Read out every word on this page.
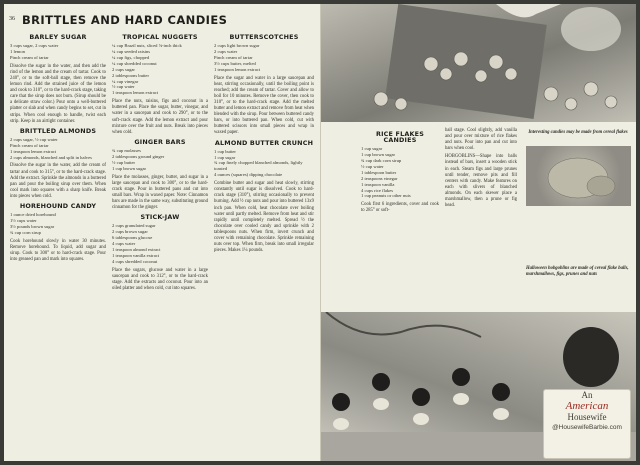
36 BRITTLES AND HARD CANDIES
BARLEY SUGAR
3 cups sugar, 2 cups water
1 lemon
Pinch cream of tartar

Dissolve the sugar in the water, and then add the rind of the lemon and the cream of tartar. Cook to 240°, or to the soft-ball stage, then remove the lemon rind. Add the strained juice of the lemon and cook to 310°, or to the hard-crack stage, taking care that the sirup does not burn. (Sirup should be a delicate straw color.) Pour onto a well-buttered platter or slab and when candy begins to set, cut in strips. When cool enough to handle, twist each strip. Keep in an airtight container.

BRITTLED ALMONDS
2 cups sugar, ½ cup water
Pinch cream of tartar
1 teaspoon lemon extract
2 cups almonds, blanched and split in halves

Dissolve the sugar in the water, add the cream of tartar and cook to 315°, or to the hard-crack stage. Add the extract. Sprinkle the almonds in a buttered pan and pour the boiling sirup over them. When cool mark into squares with a sharp knife. Break into pieces when cold.

HOREHOUND CANDY
1 ounce dried horehound
1½ cups water
3½ pounds brown sugar
¾ cup corn sirup

Cook horehound slowly in water 30 minutes. Remove horehound. To liquid, add sugar and sirup. Cook to 300° or to hard-crack stage. Pour into greased pan and mark into squares.

TROPICAL NUGGETS
¼ cup Brazil nuts, sliced ⅛-inch thick
¼ cup seeded raisins
¼ cup figs, chopped
¼ cup shredded coconut
2 cups sugar
2 tablespoons butter
¼ cup vinegar
½ cup water
1 teaspoon lemon extract

Place the nuts, raisins, figs and coconut in a buttered pan. Place the sugar, butter, vinegar, and water in a saucepan and cook to 290°, or to the soft-crack stage. Add the lemon extract and pour mixture over the fruit and nuts. Break into pieces when cold.

GINGER BARS
¾ cup molasses
2 tablespoons ground ginger
½ cup butter
1 cup brown sugar

Place the molasses, ginger, butter, and sugar in a large saucepan and cook to 300°, or to the hard-crack stage. Pour in buttered pans and cut into small bars. Wrap in waxed paper. Note: Cinnamon bars are made in the same way, substituting ground cinnamon for the ginger.

STICK-JAW
2 cups granulated sugar
2 cups brown sugar
6 tablespoons glucose
4 cups water
1 teaspoon almond extract
1 teaspoon vanilla extract
4 cups shredded coconut

Place the sugars, glucose and water in a large saucepan and cook to 312°, or to the hard-crack stage. Add the extracts and coconut. Pour into an oiled platter and when cold, cut into squares.

BUTTERSCOTCHES
2 cups light brown sugar
2 cups water
Pinch cream of tartar
3½ cups butter, melted
1 teaspoon lemon extract

Place the sugar and water in a large saucepan and heat, stirring occasionally, until the boiling point is reached; add the cream of tartar. Cover and allow to boil for 10 minutes. Remove the cover, then cook to 310°, or to the hard-crack stage. Add the melted butter and lemon extract and remove from heat when blended with the sirup. Pour between buttered candy bars, or into buttered pan. When cold, cut with buttered scissors into small pieces and wrap in waxed paper.

ALMOND BUTTER CRUNCH
1 cup butter
1 cup sugar
¾ cup finely chopped blanched almonds, lightly toasted
4 ounces (squares) dipping chocolate

Combine butter and sugar and heat slowly, stirring constantly until sugar is dissolved. Cook to hard-crack stage (310°), stirring occasionally to prevent burning. Add ½ cup nuts and pour into buttered 13x9 inch pan. When cold, heat chocolate over boiling water until partly melted. Remove from heat and stir rapidly until completely melted. Spread ½ the chocolate over cooled candy and sprinkle with 2 tablespoons nuts. When firm, invert crunch and cover with remaining chocolate. Sprinkle remaining nuts over top. When firm, break into small irregular pieces. Makes 1¼ pounds.

RICE FLAKES CANDIES
1 cup sugar
1 cup brown sugar
¾ cup dark corn sirup
½ cup water
1 tablespoon butter
2 teaspoons vinegar
1 teaspoon vanilla
4 cups rice flakes
1 cup peanuts or other nuts

Cook first 6 ingredients, cover and cook to 285° or soft-

ball stage. Cool slightly, add vanilla and pour over mixture of rice flakes and nuts. Pour into pan and cut into bars when cool.

HOBGOBLINS—Shape into balls instead of bars, insert a wooden stick in each. Steam figs and large prunes until tender, remove pits and fill centers with candy. Make features on each with slivers of blanched almonds. On each skewer place a marshmallow, then a prune or fig head.

Interesting candies may be made from cereal flakes
Halloween hobgoblins are made of cereal flake balls, marshmallows, figs, prunes and nuts
An
American
Housewife
@HousewifeBarbie.com
